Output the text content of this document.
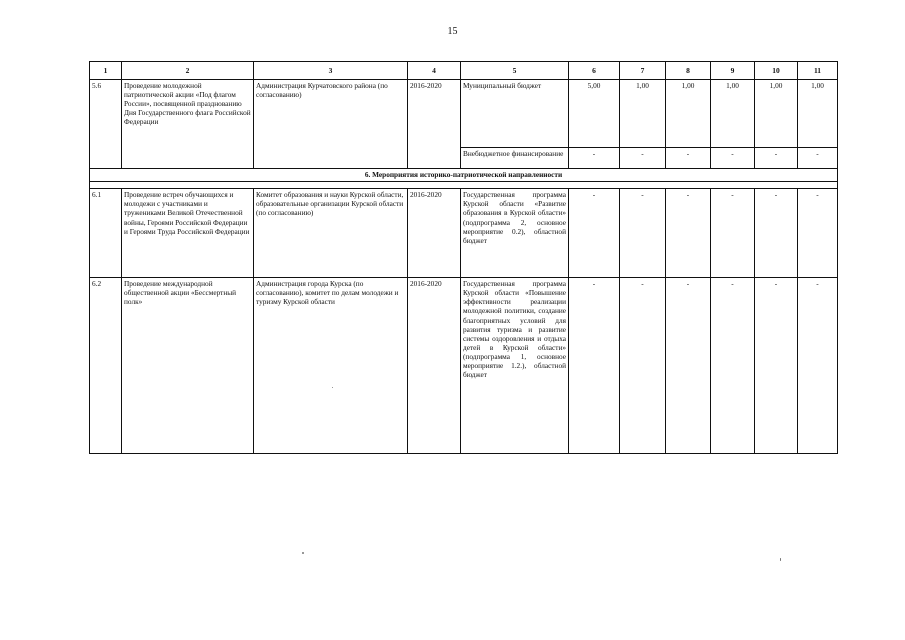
15
1	2	3	4	5	6	7	8	9	10	11
5.6	Проведение молодежной патриотической акции «Под флагом России», посвященной празднованию Дня Государственного флага Российской Федерации	Администрация Курчатовского района (по согласованию)	2016-2020	Муниципальный бюджет	5,00	1,00	1,00	1,00	1,00	1,00
				Внебюджетное финансирование	-	-	-	-	-	-
6. Мероприятия историко-патриотической направленности										

6.1	Проведение встреч обучающихся и молодежи с участниками и тружениками Великой Отечественной войны, Героями Российской Федерации и Героями Труда Российской Федерации	Комитет образования и науки Курской области, образовательные организации Курской области (по согласованию)	2016-2020	Государственная программа Курской области «Развитие образования в Курской области» (подпрограмма 2, основное мероприятие 0.2), областной бюджет	-	-	-	-	-	-
6.2	Проведение международной общественной акции «Бессмертный полк»	Администрация города Курска (по согласованию), комитет по делам молодежи и туризму Курской области	2016-2020	Государственная программа Курской области «Повышение эффективности реализации молодежной политики, создание благоприятных условий для развития туризма и развитие системы оздоровления и отдыха детей в Курской области» (подпрограмма 1, основное мероприятие 1.2.), областной бюджет	-	-	-	-	-	-
